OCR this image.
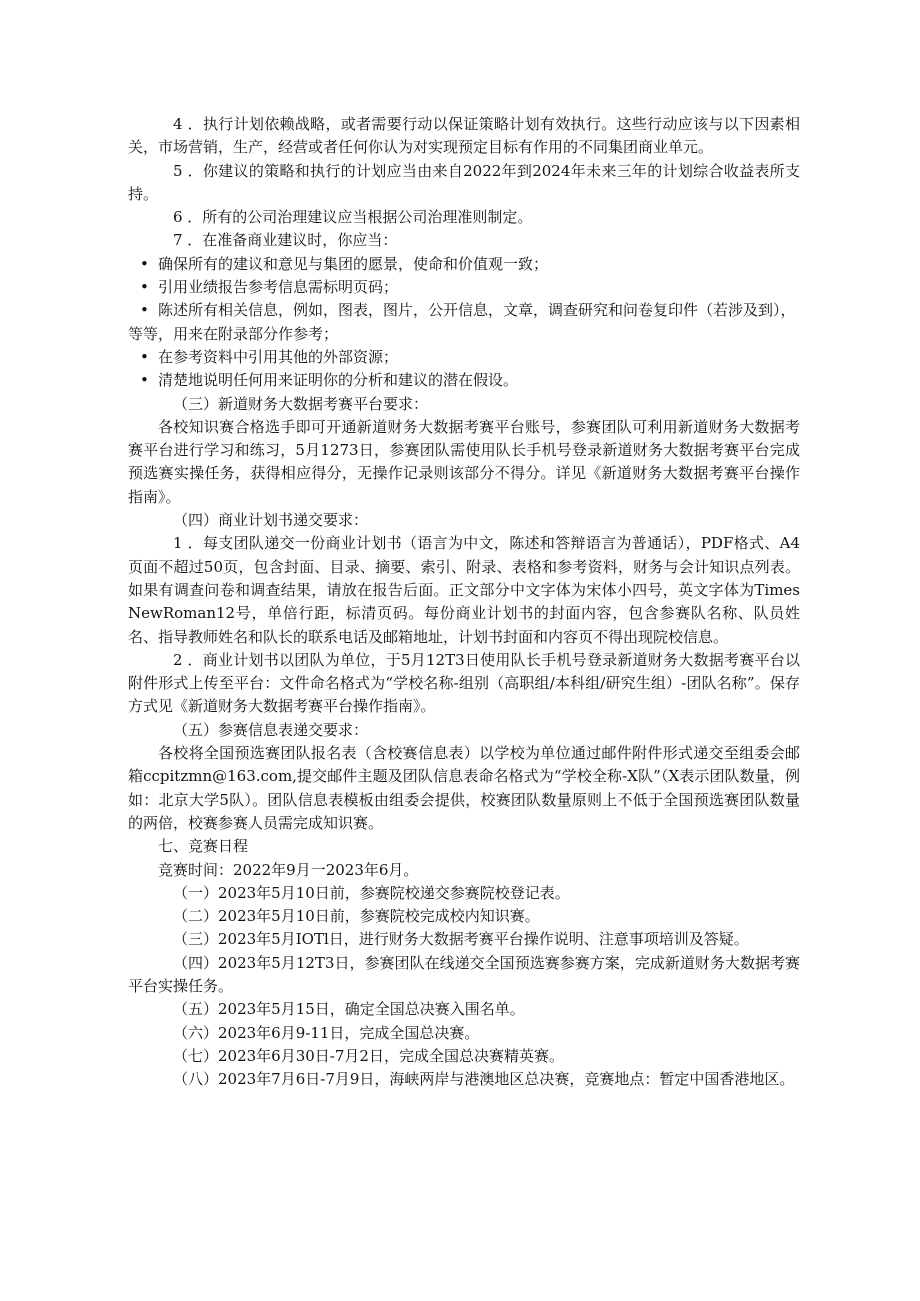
4 ．执行计划依赖战略，或者需要行动以保证策略计划有效执行。这些行动应该与以下因素相关，市场营销，生产，经营或者任何你认为对实现预定目标有作用的不同集团商业单元。

5 ．你建议的策略和执行的计划应当由来自2022年到2024年未来三年的计划综合收益表所支持。

6 ．所有的公司治理建议应当根据公司治理准则制定。

7 ．在准备商业建议时，你应当：

• 确保所有的建议和意见与集团的愿景，使命和价值观一致；
• 引用业绩报告参考信息需标明页码；
• 陈述所有相关信息，例如，图表，图片，公开信息，文章，调查研究和问卷复印件（若涉及到），等等，用来在附录部分作参考；
• 在参考资料中引用其他的外部资源；
• 清楚地说明任何用来证明你的分析和建议的潜在假设。

（三）新道财务大数据考赛平台要求：

各校知识赛合格选手即可开通新道财务大数据考赛平台账号，参赛团队可利用新道财务大数据考赛平台进行学习和练习，5月1273日，参赛团队需使用队长手机号登录新道财务大数据考赛平台完成预选赛实操任务，获得相应得分，无操作记录则该部分不得分。详见《新道财务大数据考赛平台操作指南》。

（四）商业计划书递交要求：

1 ．每支团队递交一份商业计划书（语言为中文，陈述和答辩语言为普通话），PDF格式、A4页面不超过50页，包含封面、目录、摘要、索引、附录、表格和参考资料，财务与会计知识点列表。如果有调查问卷和调查结果，请放在报告后面。正文部分中文字体为宋体小四号，英文字体为TimesNewRoman12号，单倍行距，标清页码。每份商业计划书的封面内容，包含参赛队名称、队员姓名、指导教师姓名和队长的联系电话及邮箱地址，计划书封面和内容页不得出现院校信息。

2 ．商业计划书以团队为单位，于5月12T3日使用队长手机号登录新道财务大数据考赛平台以附件形式上传至平台：文件命名格式为“学校名称-组别（高职组/本科组/研究生组）-团队名称”。保存方式见《新道财务大数据考赛平台操作指南》。

（五）参赛信息表递交要求：

各校将全国预选赛团队报名表（含校赛信息表）以学校为单位通过邮件附件形式递交至组委会邮箱ccpitzmn@163.com,提交邮件主题及团队信息表命名格式为“学校全称-X队”（X表示团队数量，例如：北京大学5队）。团队信息表模板由组委会提供，校赛团队数量原则上不低于全国预选赛团队数量的两倍，校赛参赛人员需完成知识赛。

七、竞赛日程

竞赛时间：2022年9月一2023年6月。

（一）2023年5月10日前，参赛院校递交参赛院校登记表。

（二）2023年5月10日前，参赛院校完成校内知识赛。

（三）2023年5月IOTl日，进行财务大数据考赛平台操作说明、注意事项培训及答疑。

（四）2023年5月12T3日，参赛团队在线递交全国预选赛参赛方案，完成新道财务大数据考赛平台实操任务。

（五）2023年5月15日，确定全国总决赛入围名单。

（六）2023年6月9-11日，完成全国总决赛。

（七）2023年6月30日-7月2日，完成全国总决赛精英赛。

（八）2023年7月6日-7月9日，海峡两岸与港澳地区总决赛，竞赛地点：暂定中国香港地区。
